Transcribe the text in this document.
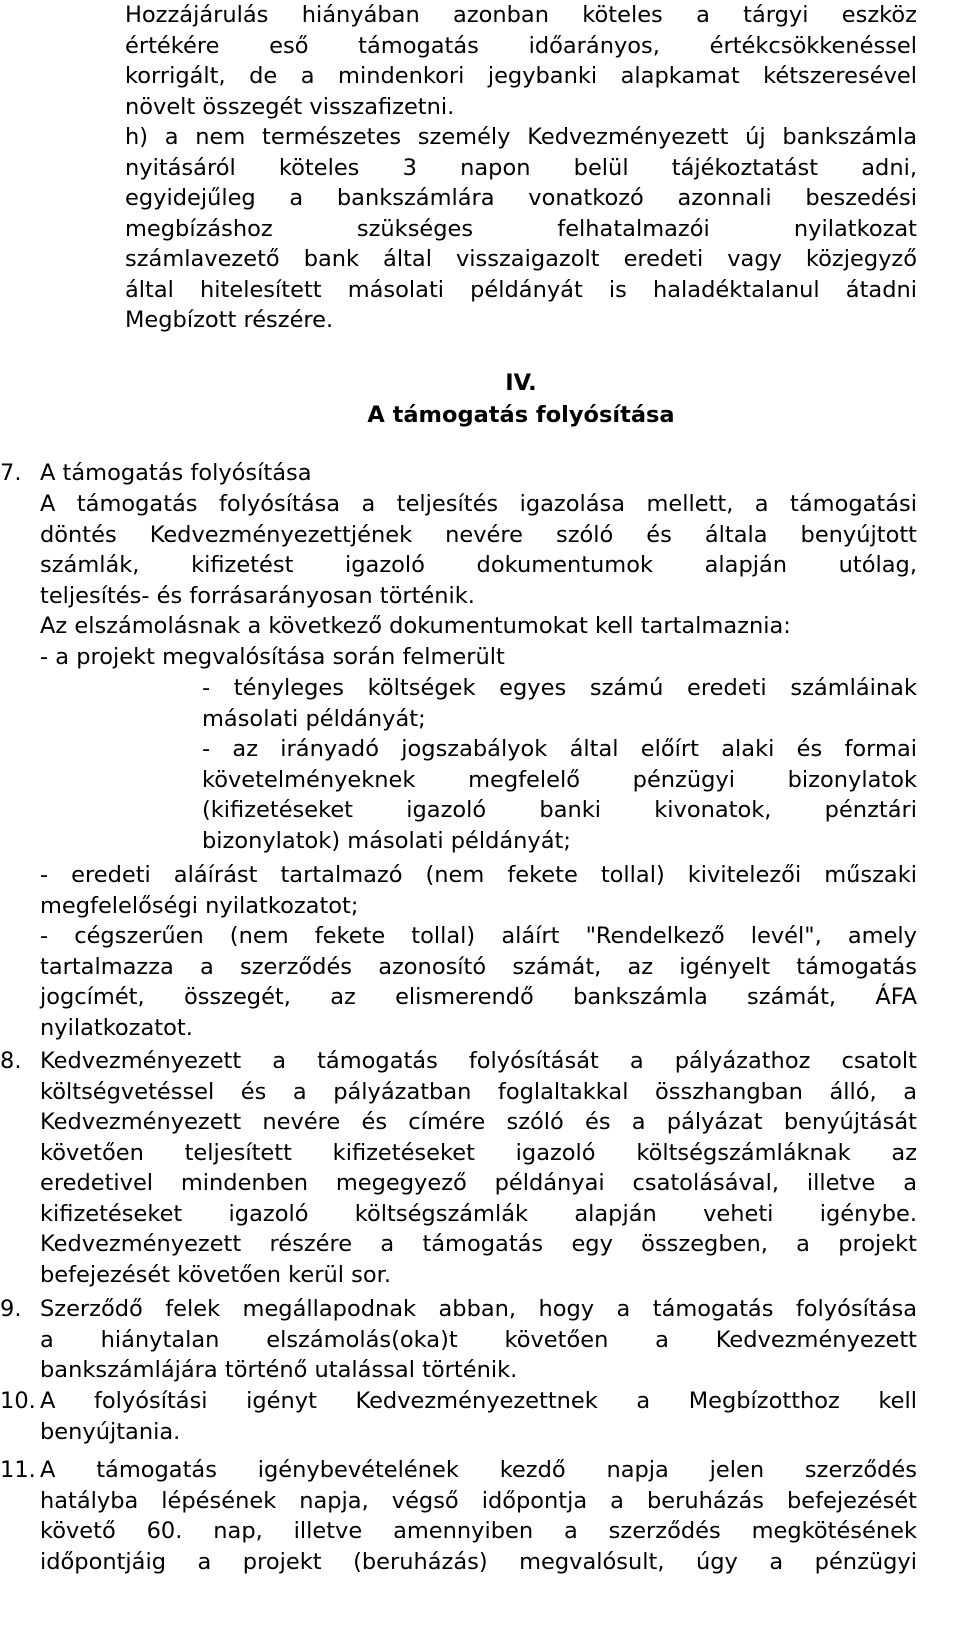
Hozzájárulás hiányában azonban köteles a tárgyi eszköz
értékére eső támogatás időarányos, értékcsökkenéssel
korrigált, de a mindenkori jegybanki alapkamat kétszeresével
növelt összegét visszafizetni.
h) a nem természetes személy Kedvezményezett új bankszámla
nyitásáról köteles 3 napon belül tájékoztatást adni,
egyidejűleg a bankszámlára vonatkozó azonnali beszedési
megbízáshoz szükséges felhatalmazói nyilatkozat
számlavezető bank által visszaigazolt eredeti vagy közjegyző
által hitelesített másolati példányát is haladéktalanul átadni
Megbízott részére.
IV.
A támogatás folyósítása
7. A támogatás folyósítása
A támogatás folyósítása a teljesítés igazolása mellett, a támogatási
döntés Kedvezményezettjének nevére szóló és általa benyújtott
számlák, kifizetést igazoló dokumentumok alapján utólag,
teljesítés- és forrásarányosan történik.
Az elszámolásnak a következő dokumentumokat kell tartalmaznia:
- a projekt megvalósítása során felmerült
- tényleges költségek egyes számú eredeti számláinak
másolati példányát;
- az irányadó jogszabályok által előírt alaki és formai
követelményeknek megfelelő pénzügyi bizonylatok
(kifizetéseket igazoló banki kivonatok, pénztári
bizonylatok) másolati példányát;
- eredeti aláírást tartalmazó (nem fekete tollal) kivitelezői műszaki
megfelelőségi nyilatkozatot;
- cégszerűen (nem fekete tollal) aláírt "Rendelkező levél", amely
tartalmazza a szerződés azonosító számát, az igényelt támogatás
jogcímét, összegét, az elismerendő bankszámla számát, ÁFA
nyilatkozatot.
8. Kedvezményezett a támogatás folyósítását a pályázathoz csatolt
költségvetéssel és a pályázatban foglaltakkal összhangban álló, a
Kedvezményezett nevére és címére szóló és a pályázat benyújtását
követően teljesített kifizetéseket igazoló költségszámláknak az
eredetivel mindenben megegyező példányai csatolásával, illetve a
kifizetéseket igazoló költségszámlák alapján veheti igénybe.
Kedvezményezett részére a támogatás egy összegben, a projekt
befejezését követően kerül sor.
9. Szerződő felek megállapodnak abban, hogy a támogatás folyósítása
a hiánytalan elszámolás(oka)t követően a Kedvezményezett
bankszámlájára történő utalással történik.
10. A folyósítási igényt Kedvezményezettnek a Megbízotthoz kell
benyújtania.
11. A támogatás igénybevételének kezdő napja jelen szerződés
hatályba lépésének napja, végső időpontja a beruházás befejezését
követő 60. nap, illetve amennyiben a szerződés megkötésének
időpontjáig a projekt (beruházás) megvalósult, úgy a pénzügyi
